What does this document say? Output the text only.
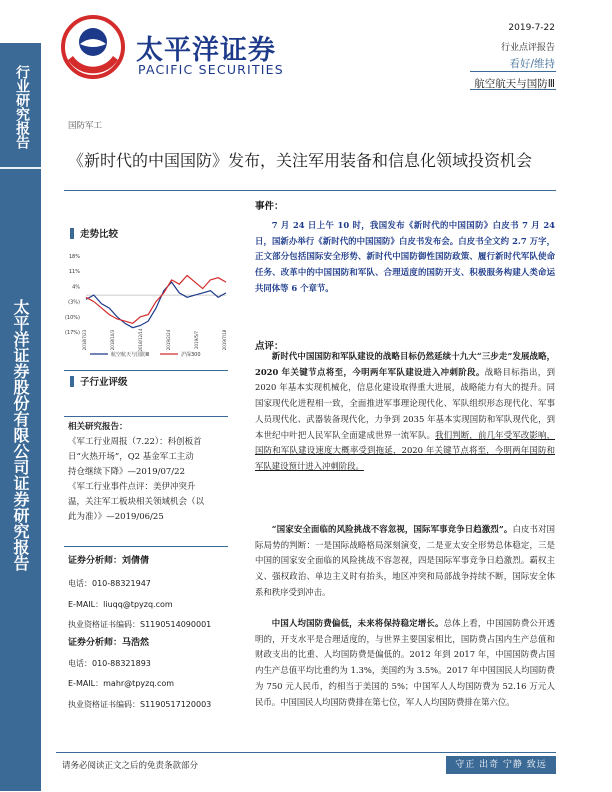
行业研究报告
太平洋证券股份有限公司证券研究报告
太平洋证券
PACIFIC SECURITIES
2019-7-22
行业点评报告
看好/维持
航空航天与国防Ⅲ
国防军工
《新时代的中国国防》发布，关注军用装备和信息化领域投资机会
走势比较
18%
11%
4%
(3%)
(10%)
(17%) 2018/7/23	2018/10/3	2018/12/14	2019/2/24	2019/5/7	2019/7/18
航空航天与国防Ⅲ	沪深300
子行业评级
相关研究报告：
《军工行业周报（7.22）：科创板首
日“火热开场”，Q2 基金军工主动
持仓继续下降》—2019/07/22
《军工行业事件点评：美伊冲突升
温，关注军工板块相关领域机会（以
此为准）》—2019/06/25
证券分析师：刘倩倩
电话：010-88321947
E-MAIL：liuqq@tpyzq.com
执业资格证书编码：S1190514090001
证券分析师：马浩然
电话：010-88321893
E-MAIL：mahr@tpyzq.com
执业资格证书编码：S1190517120003
事件：
7 月 24 日上午 10 时，我国发布《新时代的中国国防》白皮书 7 月 24 日，国新办举行《新时代的中国国防》白皮书发布会。白皮书全文约 2.7 万字，正文部分包括国际安全形势、新时代中国防御性国防政策、履行新时代军队使命任务、改革中的中国国防和军队、合理适度的国防开支、积极服务构建人类命运共同体等 6 个章节。
点评：
新时代中国国防和军队建设的战略目标仍然延续十九大“三步走”发展战略，2020 年关键节点将至，今明两年军队建设进入冲刺阶段。战略目标指出，到 2020 年基本实现机械化，信息化建设取得重大进展，战略能力有大的提升。同国家现代化进程相一致，全面推进军事理论现代化、军队组织形态现代化、军事人员现代化、武器装备现代化，力争到 2035 年基本实现国防和军队现代化，到本世纪中叶把人民军队全面建成世界一流军队。我们判断，前几年受军改影响，国防和军队建设速度大概率受到拖延，2020 年关键节点将至，今明两年国防和军队建设预计进入冲刺阶段。
“国家安全面临的风险挑战不容忽视，国际军事竞争日趋激烈”。白皮书对国际局势的判断：一是国际战略格局深刻演变，二是亚太安全形势总体稳定，三是中国的国家安全面临的风险挑战不容忽视，四是国际军事竞争日趋激烈。霸权主义、强权政治、单边主义时有抬头，地区冲突和局部战争持续不断，国际安全体系和秩序受到冲击。
中国人均国防费偏低，未来将保持稳定增长。总体上看，中国国防费公开透明的，开支水平是合理适度的，与世界主要国家相比，国防费占国内生产总值和财政支出的比重、人均国防费是偏低的。2012 年到 2017 年，中国国防费占国内生产总值平均比重约为 1.3%，美国约为 3.5%。2017 年中国国民人均国防费为 750 元人民币，约相当于美国的 5%；中国军人人均国防费为 52.16 万元人民币。中国国民人均国防费排在第七位，军人人均国防费排在第六位。
请务必阅读正文之后的免责条款部分	守正 出奇 宁静 致远
